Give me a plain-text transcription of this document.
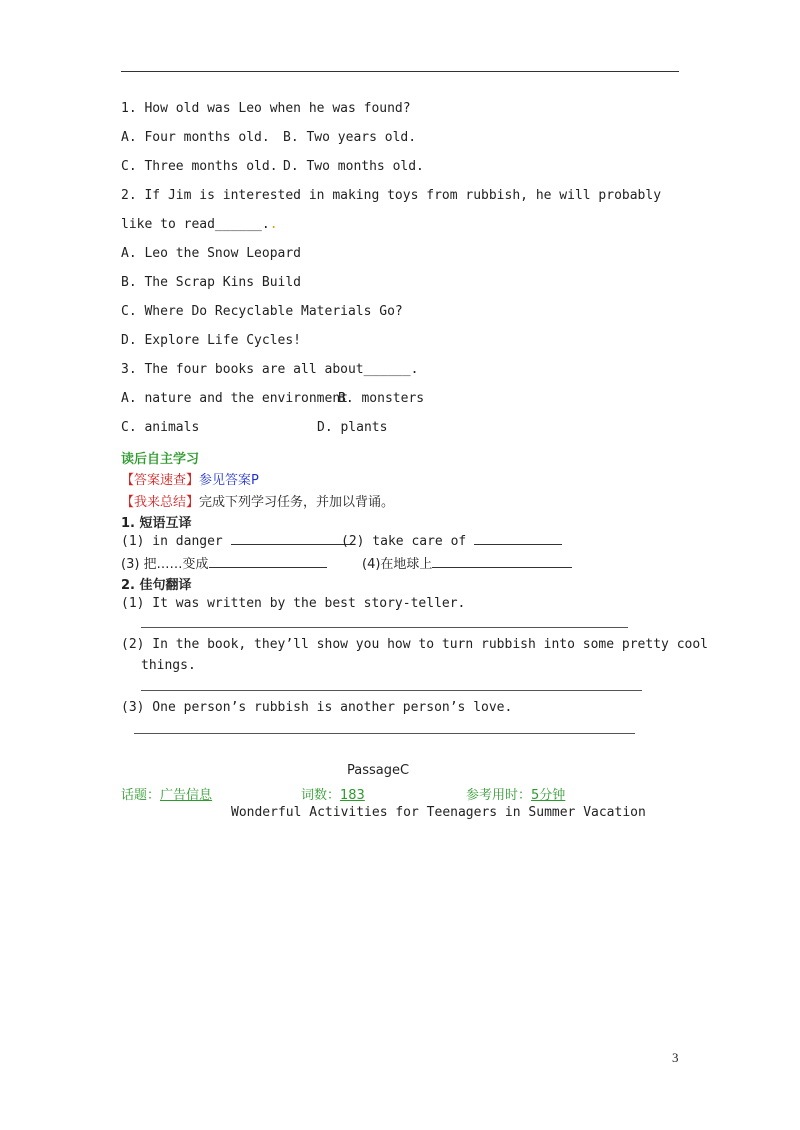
1. How old was Leo when he was found?
A. Four months old. B. Two years old.
C. Three months old. D. Two months old.
2. If Jim is interested in making toys from rubbish, he will probably
like to read______..
A. Leo the Snow Leopard
B. The Scrap Kins Build
C. Where Do Recyclable Materials Go?
D. Explore Life Cycles!
3. The four books are all about______.
A. nature and the environment
B. monsters
C. animals	D. plants
读后自主学习
【答案速查】参见答案P
【我来总结】完成下列学习任务，并加以背诵。
1. 短语互译
(1) in danger	(2) take care of
(3) 把……变成	(4)在地球上
2. 佳句翻译
(1) It was written by the best story-teller.
(2) In the book, they’ll show you how to turn rubbish into some pretty cool
things.
(3) One person’s rubbish is another person’s love.
PassageC
话题：广告信息	词数：183	参考用时：5分钟
Wonderful Activities for Teenagers in Summer Vacation
3
